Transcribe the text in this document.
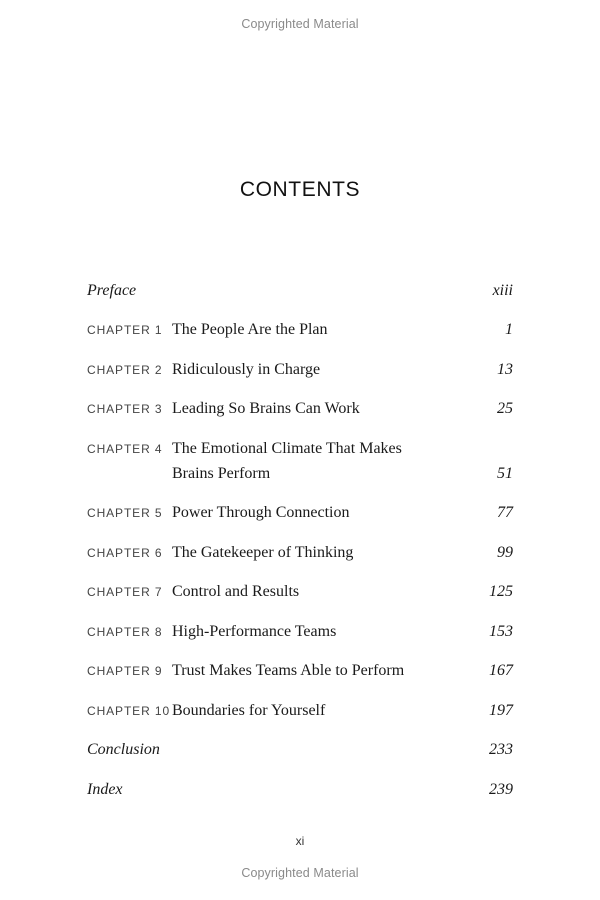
Copyrighted Material
CONTENTS
Preface	xiii
CHAPTER 1 The People Are the Plan	1
CHAPTER 2 Ridiculously in Charge	13
CHAPTER 3 Leading So Brains Can Work	25
CHAPTER 4 The Emotional Climate That Makes Brains Perform	51
CHAPTER 5 Power Through Connection	77
CHAPTER 6 The Gatekeeper of Thinking	99
CHAPTER 7 Control and Results	125
CHAPTER 8 High-Performance Teams	153
CHAPTER 9 Trust Makes Teams Able to Perform	167
CHAPTER 10 Boundaries for Yourself	197
Conclusion	233
Index	239
xi
Copyrighted Material
